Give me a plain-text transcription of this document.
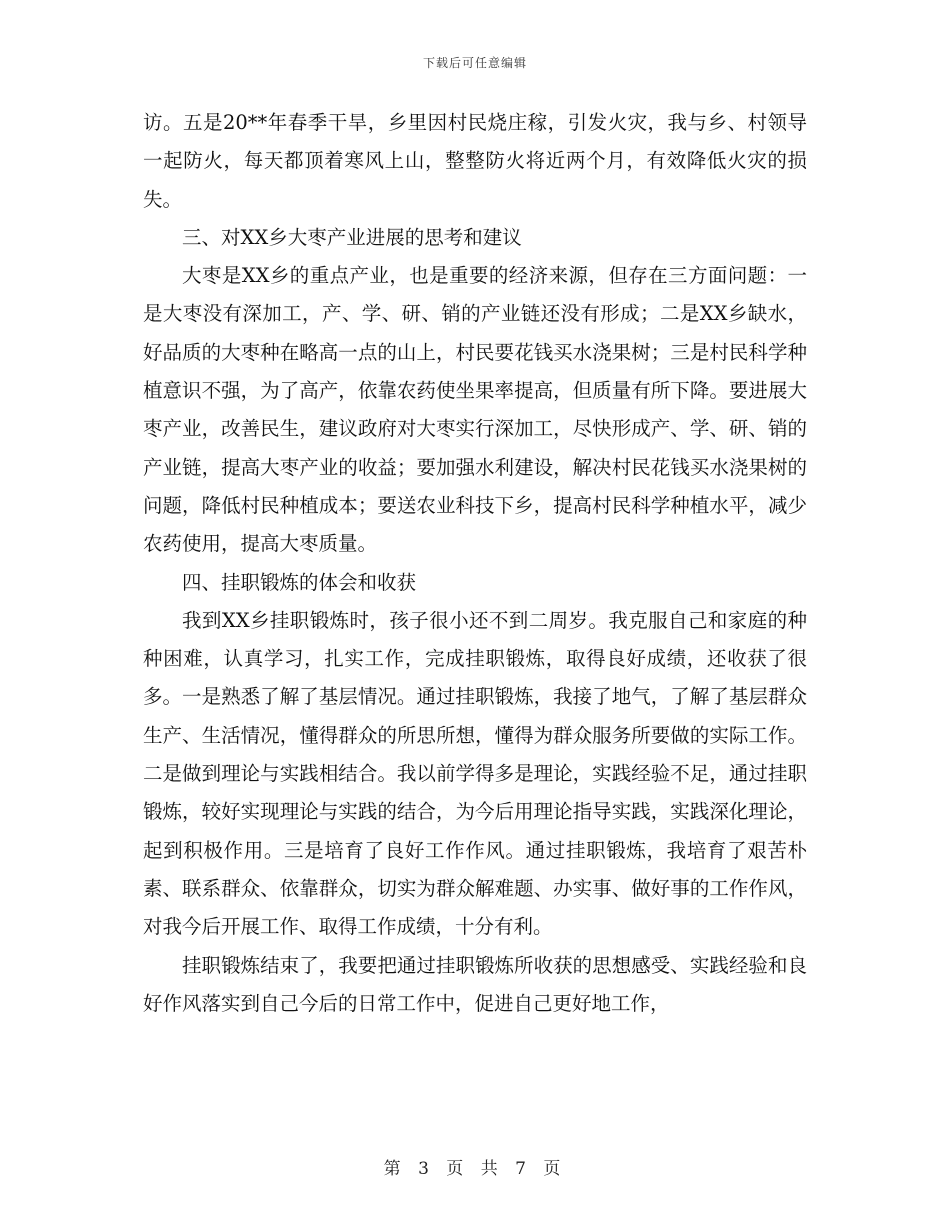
下载后可任意编辑

访。五是20**年春季干旱，乡里因村民烧庄稼，引发火灾，我与乡、村领导一起防火，每天都顶着寒风上山，整整防火将近两个月，有效降低火灾的损失。

三、对XX乡大枣产业进展的思考和建议

大枣是XX乡的重点产业，也是重要的经济来源，但存在三方面问题：一是大枣没有深加工，产、学、研、销的产业链还没有形成；二是XX乡缺水，好品质的大枣种在略高一点的山上，村民要花钱买水浇果树；三是村民科学种植意识不强，为了高产，依靠农药使坐果率提高，但质量有所下降。要进展大枣产业，改善民生，建议政府对大枣实行深加工，尽快形成产、学、研、销的产业链，提高大枣产业的收益；要加强水利建设，解决村民花钱买水浇果树的问题，降低村民种植成本；要送农业科技下乡，提高村民科学种植水平，减少农药使用，提高大枣质量。

四、挂职锻炼的体会和收获

我到XX乡挂职锻炼时，孩子很小还不到二周岁。我克服自己和家庭的种种困难，认真学习，扎实工作，完成挂职锻炼，取得良好成绩，还收获了很多。一是熟悉了解了基层情况。通过挂职锻炼，我接了地气，了解了基层群众生产、生活情况，懂得群众的所思所想，懂得为群众服务所要做的实际工作。二是做到理论与实践相结合。我以前学得多是理论，实践经验不足，通过挂职锻炼，较好实现理论与实践的结合，为今后用理论指导实践，实践深化理论，起到积极作用。三是培育了良好工作作风。通过挂职锻炼，我培育了艰苦朴素、联系群众、依靠群众，切实为群众解难题、办实事、做好事的工作作风，对我今后开展工作、取得工作成绩，十分有利。

挂职锻炼结束了，我要把通过挂职锻炼所收获的思想感受、实践经验和良好作风落实到自己今后的日常工作中，促进自己更好地工作，

第 3 页 共 7 页
